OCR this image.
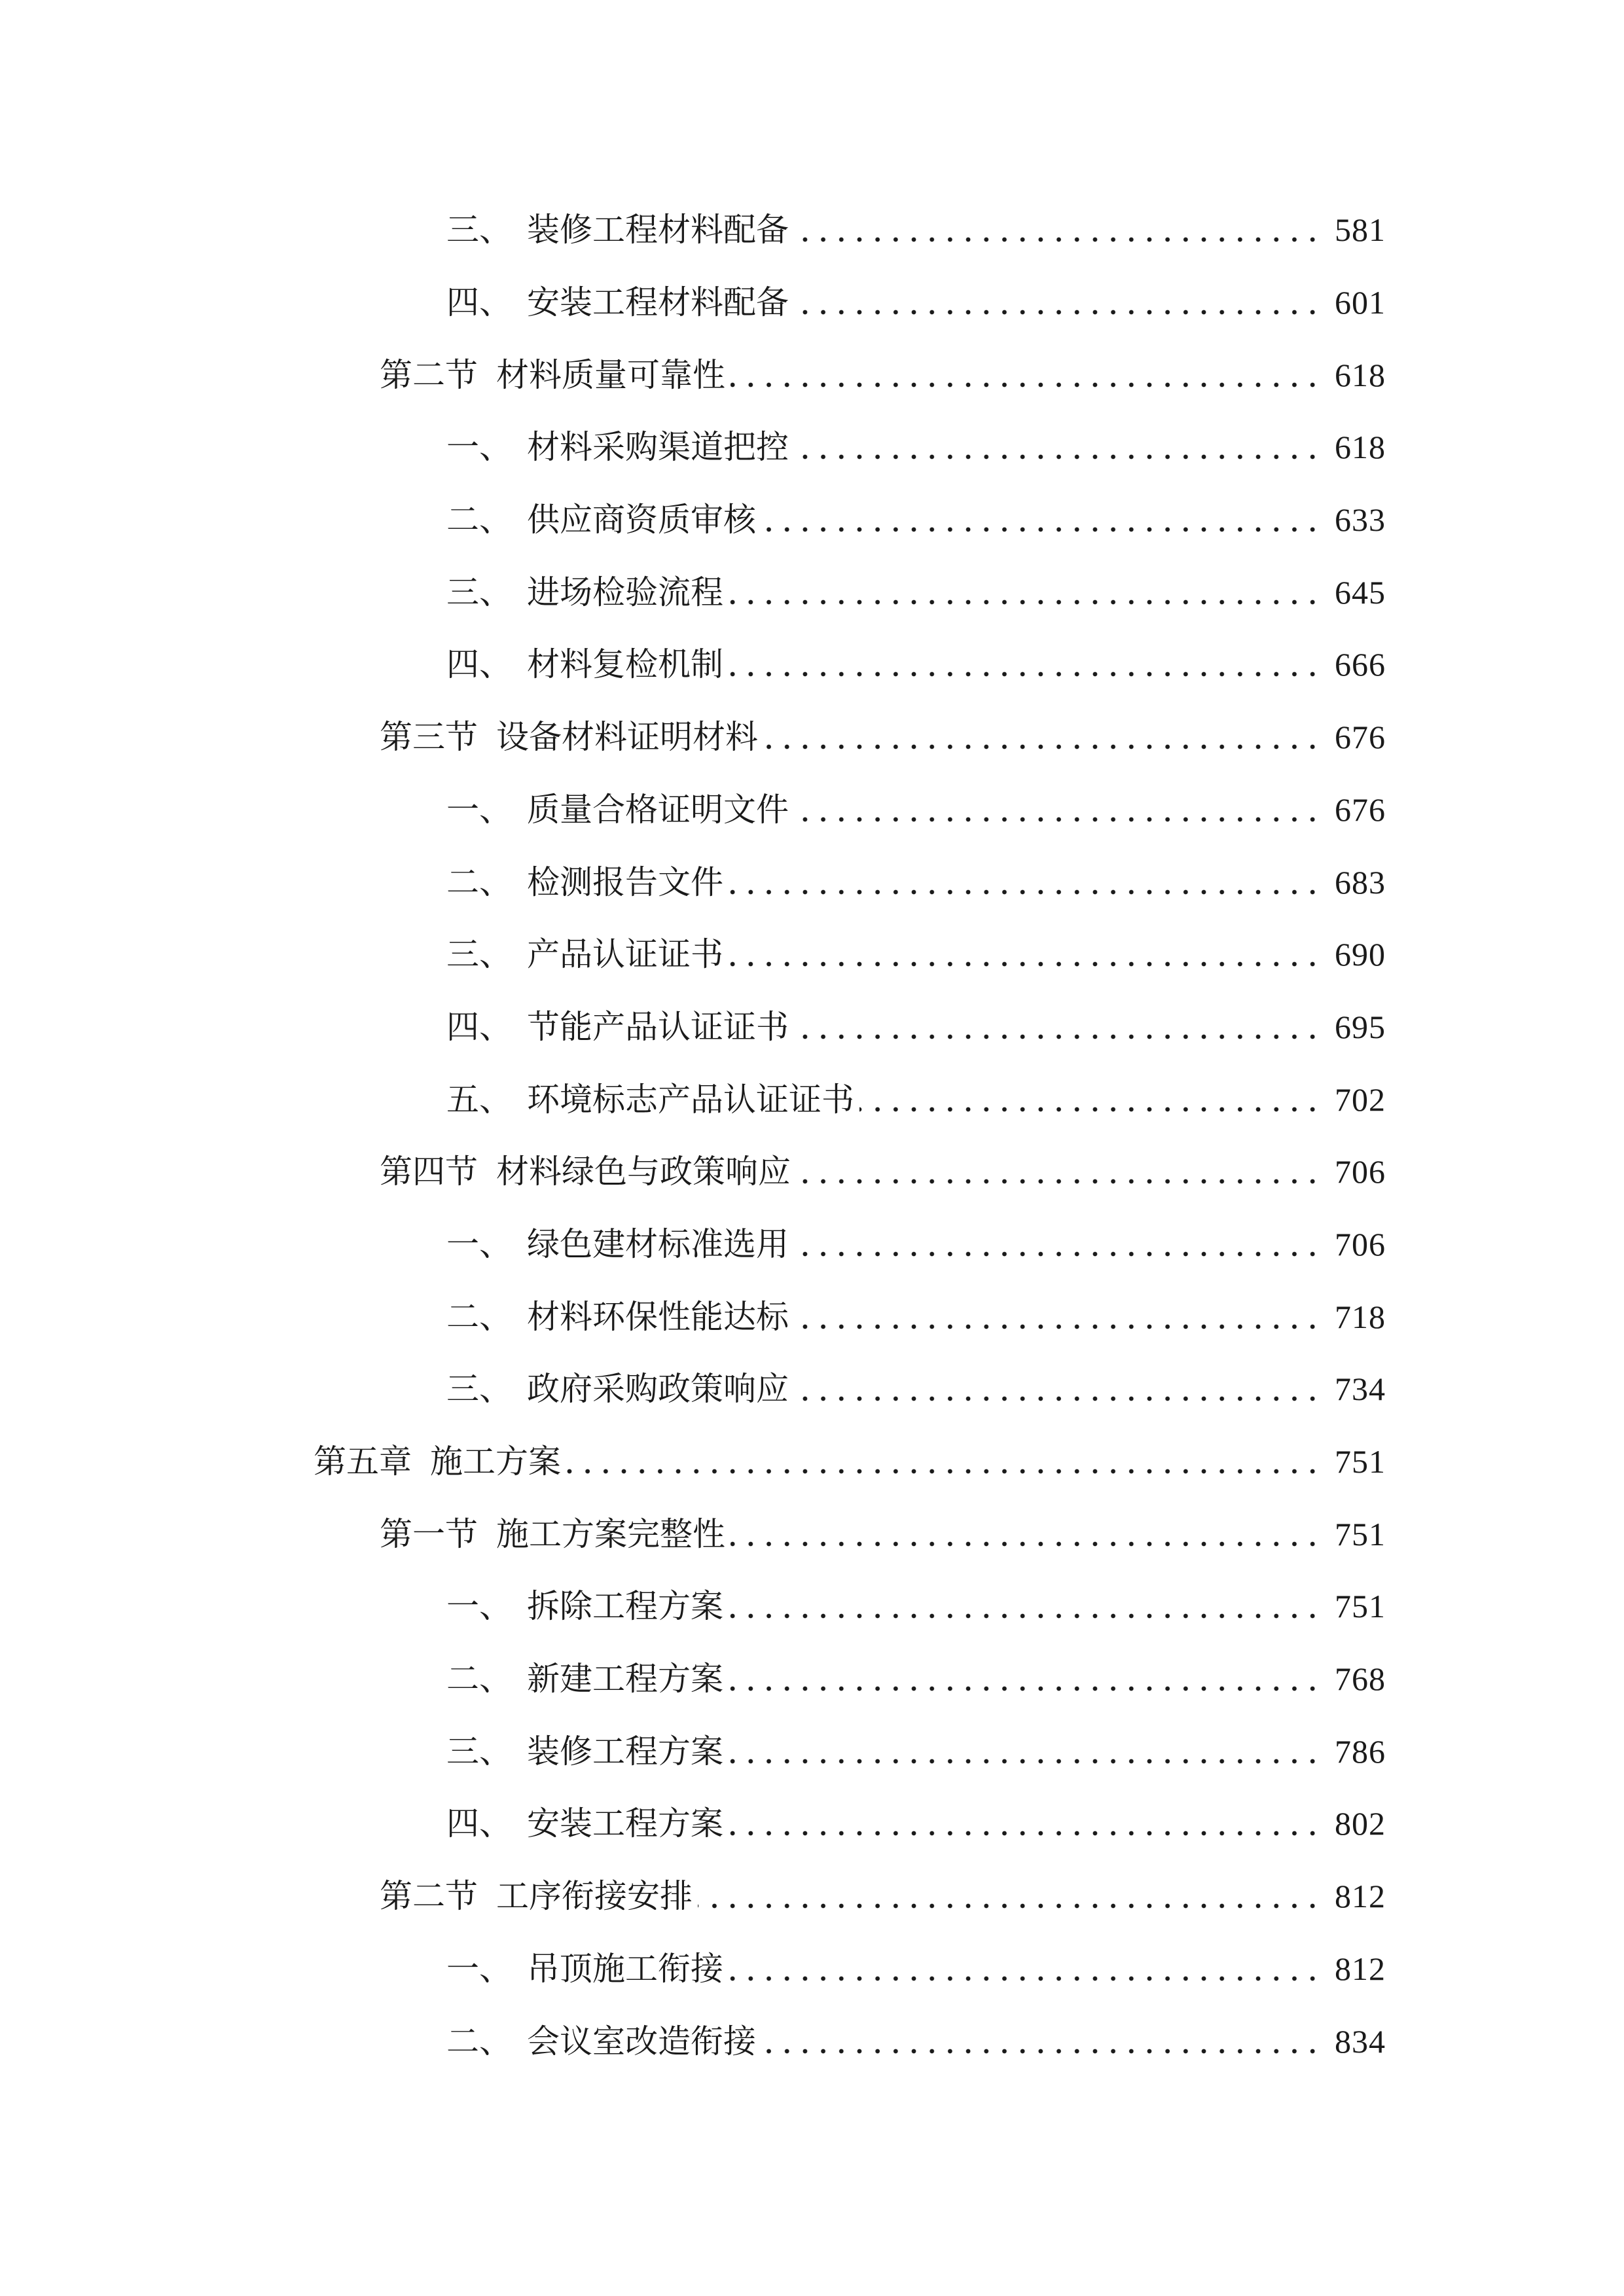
三、 装修工程材料配备	581
四、 安装工程材料配备	601
第二节 材料质量可靠性	618
一、 材料采购渠道把控	618
二、 供应商资质审核	633
三、 进场检验流程	645
四、 材料复检机制	666
第三节 设备材料证明材料	676
一、 质量合格证明文件	676
二、 检测报告文件	683
三、 产品认证证书	690
四、 节能产品认证证书	695
五、 环境标志产品认证证书	702
第四节 材料绿色与政策响应	706
一、 绿色建材标准选用	706
二、 材料环保性能达标	718
三、 政府采购政策响应	734
第五章 施工方案	751
第一节 施工方案完整性	751
一、 拆除工程方案	751
二、 新建工程方案	768
三、 装修工程方案	786
四、 安装工程方案	802
第二节 工序衔接安排	812
一、 吊顶施工衔接	812
二、 会议室改造衔接	834
